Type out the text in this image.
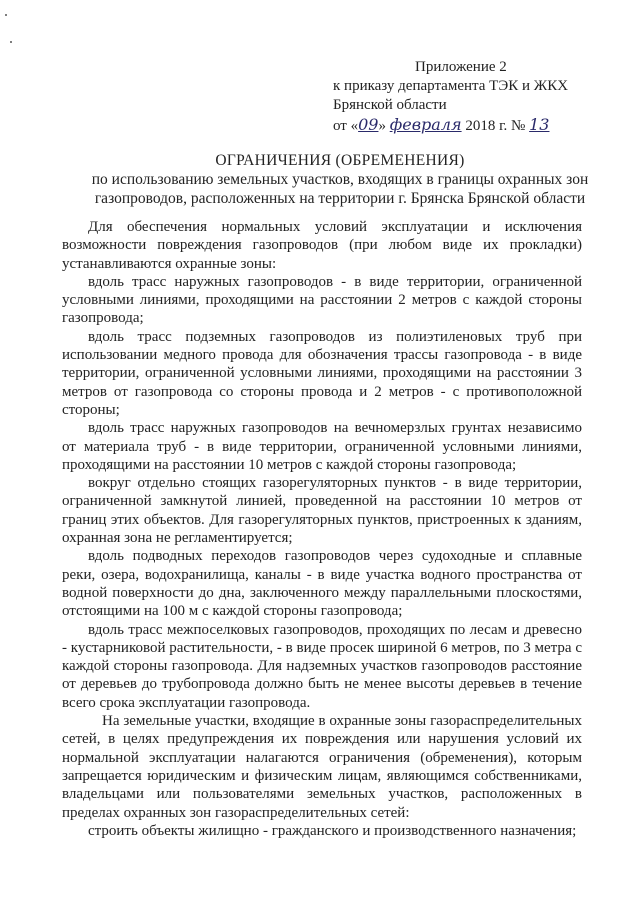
Приложение 2
к приказу департамента ТЭК и ЖКХ
Брянской области
от «09» февраля 2018 г. № 13
ОГРАНИЧЕНИЯ (ОБРЕМЕНЕНИЯ)
по использованию земельных участков, входящих в границы охранных зон
газопроводов, расположенных на территории г. Брянска Брянской области

Для обеспечения нормальных условий эксплуатации и исключения возможности повреждения газопроводов (при любом виде их прокладки) устанавливаются охранные зоны:

вдоль трасс наружных газопроводов - в виде территории, ограниченной условными линиями, проходящими на расстоянии 2 метров с каждой стороны газопровода;

вдоль трасс подземных газопроводов из полиэтиленовых труб при использовании медного провода для обозначения трассы газопровода - в виде территории, ограниченной условными линиями, проходящими на расстоянии 3 метров от газопровода со стороны провода и 2 метров - с противоположной стороны;

вдоль трасс наружных газопроводов на вечномерзлых грунтах независимо от материала труб - в виде территории, ограниченной условными линиями, проходящими на расстоянии 10 метров с каждой стороны газопровода;

вокруг отдельно стоящих газорегуляторных пунктов - в виде территории, ограниченной замкнутой линией, проведенной на расстоянии 10 метров от границ этих объектов. Для газорегуляторных пунктов, пристроенных к зданиям, охранная зона не регламентируется;

вдоль подводных переходов газопроводов через судоходные и сплавные реки, озера, водохранилища, каналы - в виде участка водного пространства от водной поверхности до дна, заключенного между параллельными плоскостями, отстоящими на 100 м с каждой стороны газопровода;

вдоль трасс межпоселковых газопроводов, проходящих по лесам и древесно - кустарниковой растительности, - в виде просек шириной 6 метров, по 3 метра с каждой стороны газопровода. Для надземных участков газопроводов расстояние от деревьев до трубопровода должно быть не менее высоты деревьев в течение всего срока эксплуатации газопровода.

На земельные участки, входящие в охранные зоны газораспределительных сетей, в целях предупреждения их повреждения или нарушения условий их нормальной эксплуатации налагаются ограничения (обременения), которым запрещается юридическим и физическим лицам, являющимся собственниками, владельцами или пользователями земельных участков, расположенных в пределах охранных зон газораспределительных сетей:

строить объекты жилищно - гражданского и производственного назначения;
